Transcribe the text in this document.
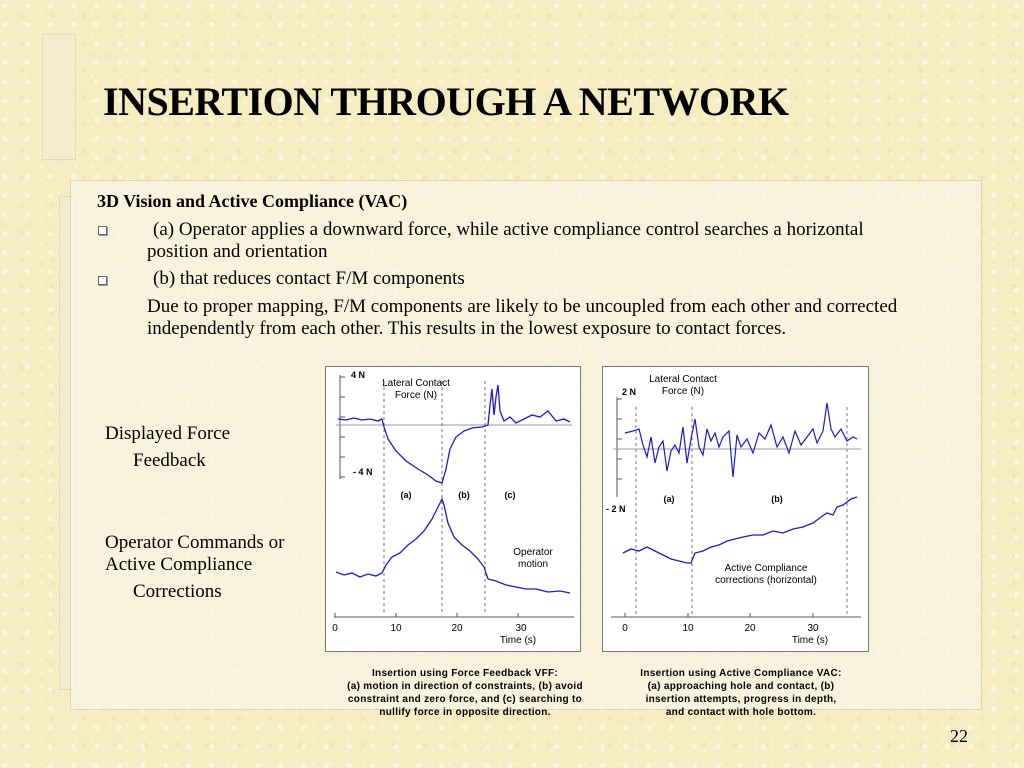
INSERTION THROUGH A NETWORK
3D Vision and Active Compliance (VAC)
(a) Operator applies a downward force, while active compliance control searches a horizontal position and orientation
(b) that reduces contact F/M components
Due to proper mapping, F/M components are likely to be uncoupled from each other and corrected independently from each other. This results in the lowest exposure to contact forces.
Displayed Force
Feedback
Operator Commands or
Active Compliance
Corrections
4 N
- 4 N
Lateral Contact
Force (N)
(a)	(b)	(c)
Operator
motion
0	10	20	30
Time (s)
Insertion using Force Feedback VFF:
(a) motion in direction of constraints, (b) avoid
constraint and zero force, and (c) searching to
nullify force in opposite direction.
2 N
- 2 N
Lateral Contact
Force (N)
(a)	(b)
Active Compliance
corrections (horizontal)
0	10	20	30
Time (s)
Insertion using Active Compliance VAC:
(a) approaching hole and contact, (b)
insertion attempts, progress in depth,
and contact with hole bottom.
22
